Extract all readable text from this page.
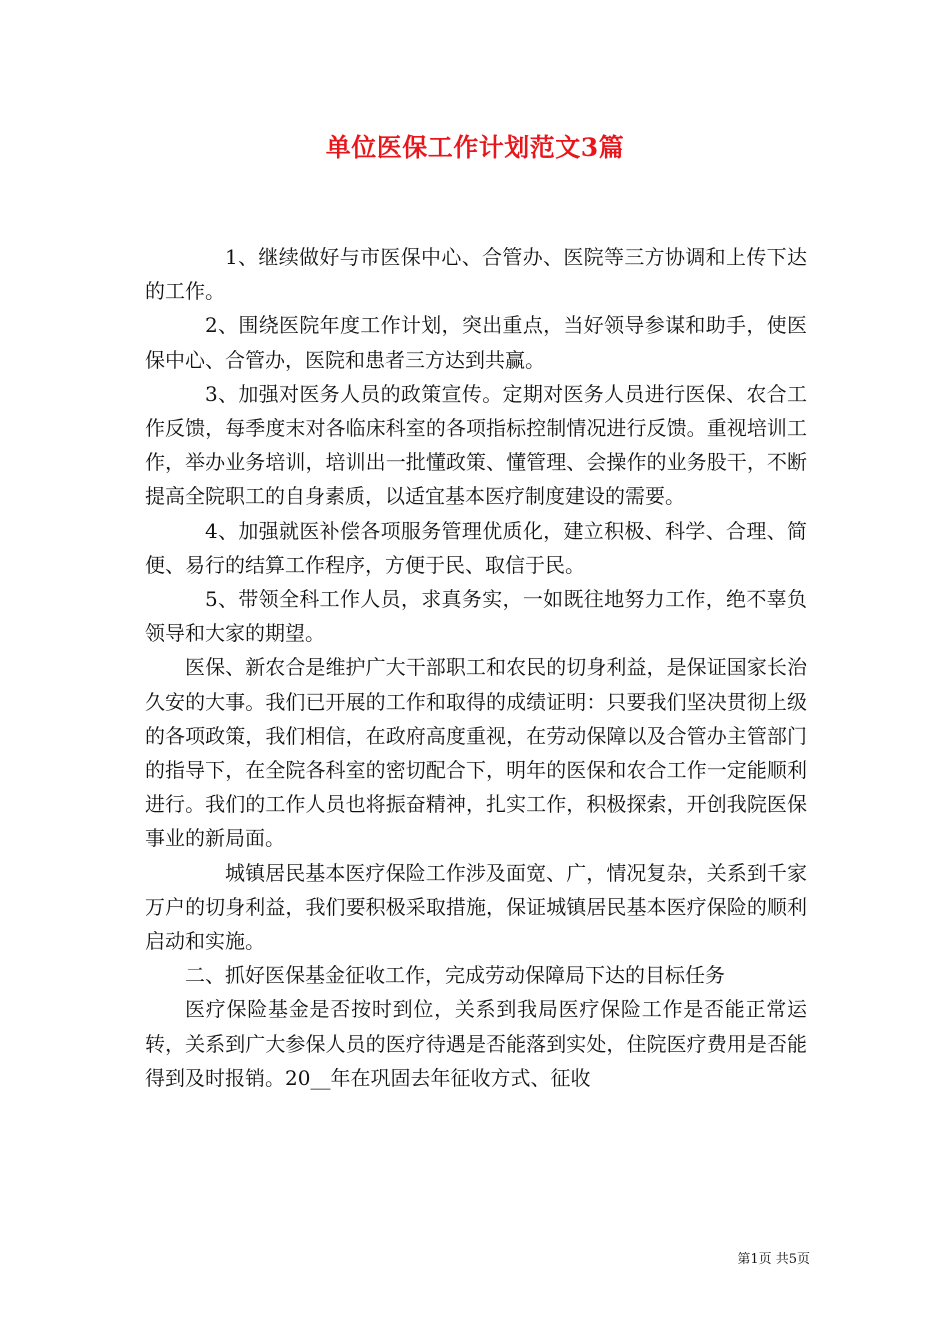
单位医保工作计划范文3篇

1、继续做好与市医保中心、合管办、医院等三方协调和上传下达的工作。

2、围绕医院年度工作计划，突出重点，当好领导参谋和助手，使医保中心、合管办，医院和患者三方达到共赢。

3、加强对医务人员的政策宣传。定期对医务人员进行医保、农合工作反馈，每季度末对各临床科室的各项指标控制情况进行反馈。重视培训工作，举办业务培训，培训出一批懂政策、懂管理、会操作的业务股干，不断提高全院职工的自身素质，以适宜基本医疗制度建设的需要。

4、加强就医补偿各项服务管理优质化，建立积极、科学、合理、简便、易行的结算工作程序，方便于民、取信于民。

5、带领全科工作人员，求真务实，一如既往地努力工作，绝不辜负领导和大家的期望。

医保、新农合是维护广大干部职工和农民的切身利益，是保证国家长治久安的大事。我们已开展的工作和取得的成绩证明：只要我们坚决贯彻上级的各项政策，我们相信，在政府高度重视，在劳动保障以及合管办主管部门的指导下，在全院各科室的密切配合下，明年的医保和农合工作一定能顺利进行。我们的工作人员也将振奋精神，扎实工作，积极探索，开创我院医保事业的新局面。

城镇居民基本医疗保险工作涉及面宽、广，情况复杂，关系到千家万户的切身利益，我们要积极采取措施，保证城镇居民基本医疗保险的顺利启动和实施。

二、抓好医保基金征收工作，完成劳动保障局下达的目标任务

医疗保险基金是否按时到位，关系到我局医疗保险工作是否能正常运转，关系到广大参保人员的医疗待遇是否能落到实处，住院医疗费用是否能得到及时报销。20__年在巩固去年征收方式、征收

第1页 共5页
